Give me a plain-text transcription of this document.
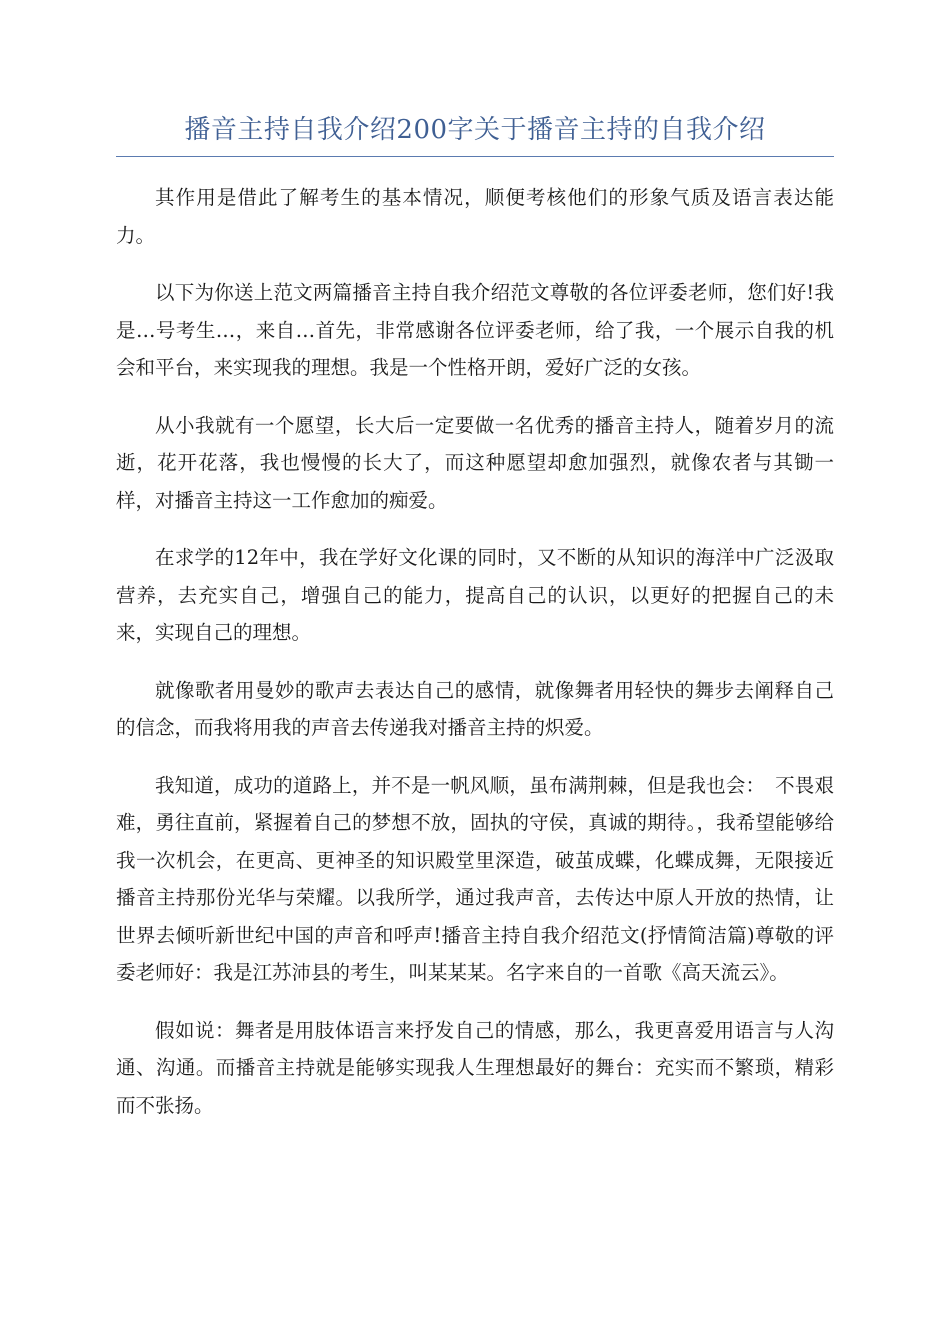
播音主持自我介绍200字关于播音主持的自我介绍

其作用是借此了解考生的基本情况，顺便考核他们的形象气质及语言表达能力。

以下为你送上范文两篇播音主持自我介绍范文尊敬的各位评委老师，您们好!我是…号考生…，来自…首先，非常感谢各位评委老师，给了我，一个展示自我的机会和平台，来实现我的理想。我是一个性格开朗，爱好广泛的女孩。

从小我就有一个愿望，长大后一定要做一名优秀的播音主持人，随着岁月的流逝，花开花落，我也慢慢的长大了，而这种愿望却愈加强烈，就像农者与其锄一样，对播音主持这一工作愈加的痴爱。

在求学的12年中，我在学好文化课的同时，又不断的从知识的海洋中广泛汲取营养，去充实自己，增强自己的能力，提高自己的认识，以更好的把握自己的未来，实现自己的理想。

就像歌者用曼妙的歌声去表达自己的感情，就像舞者用轻快的舞步去阐释自己的信念，而我将用我的声音去传递我对播音主持的炽爱。

我知道，成功的道路上，并不是一帆风顺，虽布满荆棘，但是我也会：　不畏艰难，勇往直前，紧握着自己的梦想不放，固执的守侯，真诚的期待。，我希望能够给我一次机会，在更高、更神圣的知识殿堂里深造，破茧成蝶，化蝶成舞，无限接近播音主持那份光华与荣耀。以我所学，通过我声音，去传达中原人开放的热情，让世界去倾听新世纪中国的声音和呼声!播音主持自我介绍范文(抒情简洁篇)尊敬的评委老师好：我是江苏沛县的考生，叫某某某。名字来自的一首歌《高天流云》。

假如说：舞者是用肢体语言来抒发自己的情感，那么，我更喜爱用语言与人沟通、沟通。而播音主持就是能够实现我人生理想最好的舞台：充实而不繁琐，精彩而不张扬。
